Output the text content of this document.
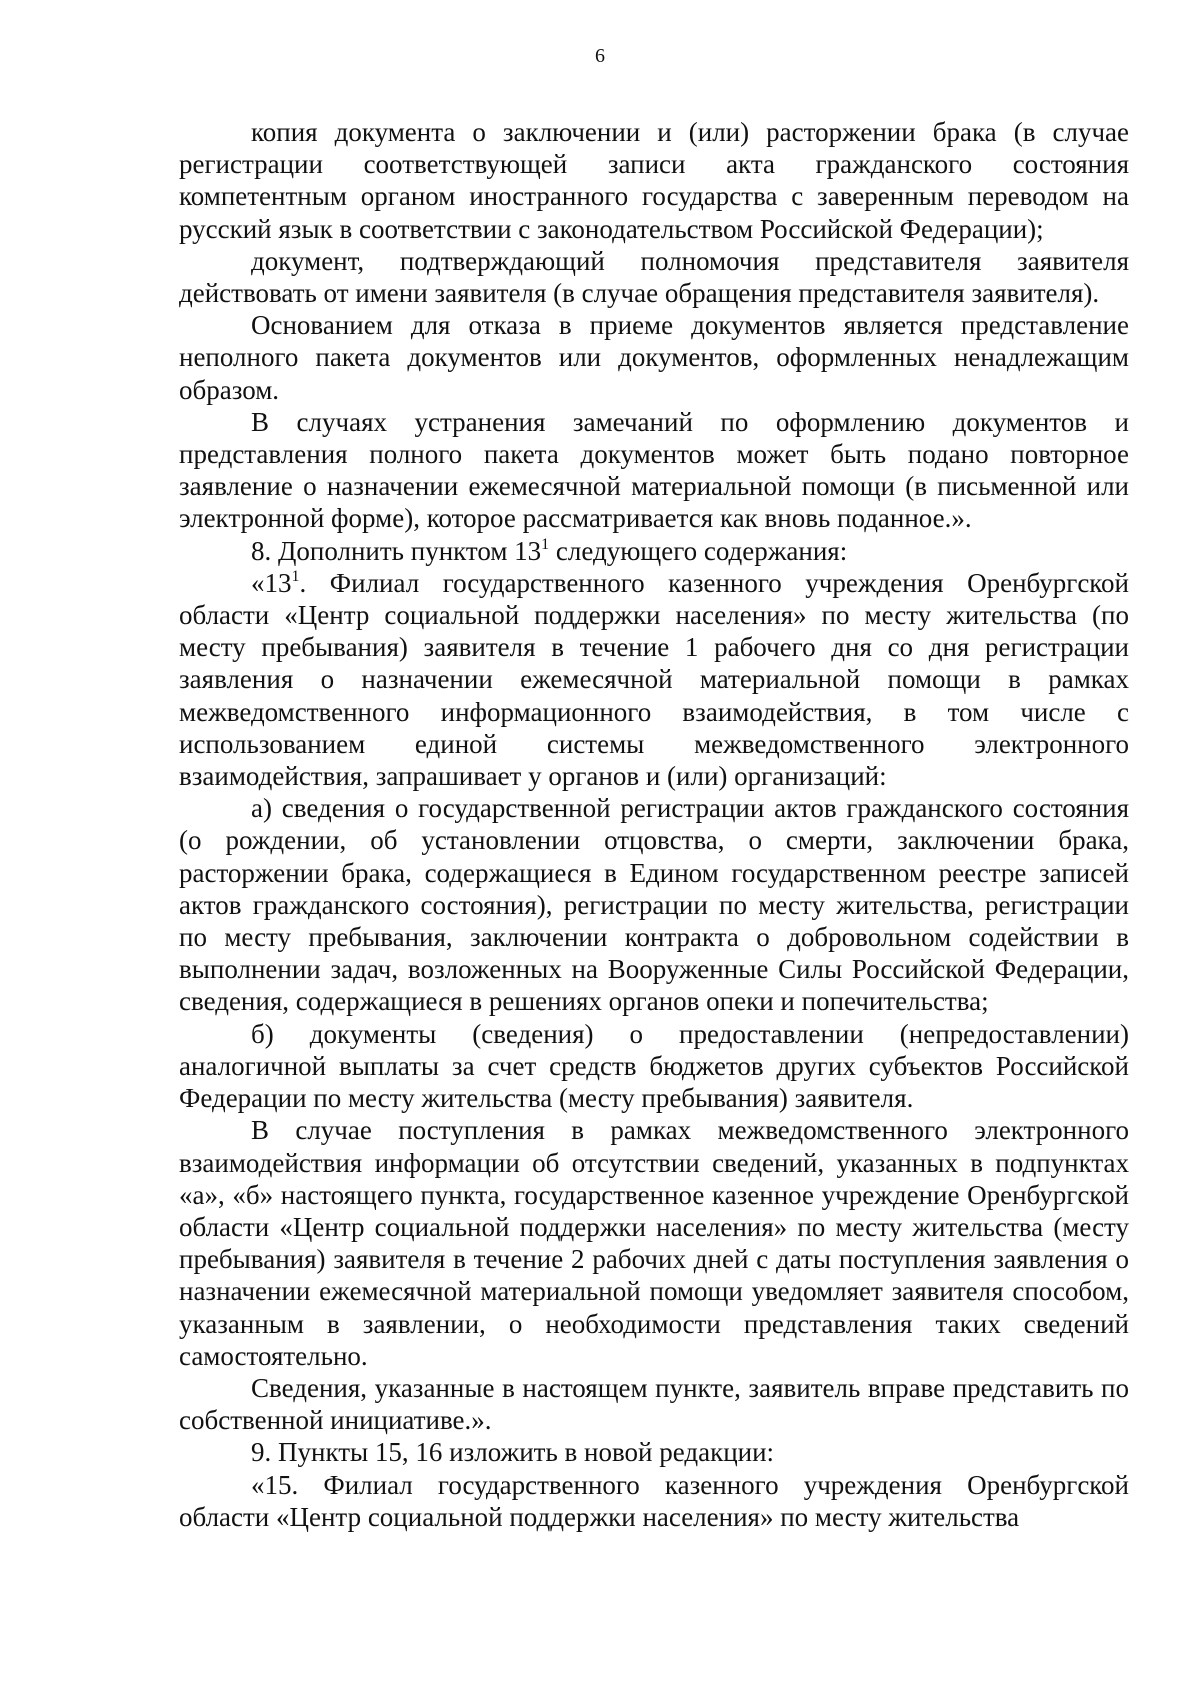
6

копия документа о заключении и (или) расторжении брака (в случае регистрации соответствующей записи акта гражданского состояния компетентным органом иностранного государства с заверенным переводом на русский язык в соответствии с законодательством Российской Федерации);

документ, подтверждающий полномочия представителя заявителя действовать от имени заявителя (в случае обращения представителя заявителя).

Основанием для отказа в приеме документов является представление неполного пакета документов или документов, оформленных ненадлежащим образом.

В случаях устранения замечаний по оформлению документов и представления полного пакета документов может быть подано повторное заявление о назначении ежемесячной материальной помощи (в письменной или электронной форме), которое рассматривается как вновь поданное.».

8. Дополнить пунктом $13^1$ следующего содержания:

«$13^1$. Филиал государственного казенного учреждения Оренбургской области «Центр социальной поддержки населения» по месту жительства (по месту пребывания) заявителя в течение 1 рабочего дня со дня регистрации заявления о назначении ежемесячной материальной помощи в рамках межведомственного информационного взаимодействия, в том числе с использованием единой системы межведомственного электронного взаимодействия, запрашивает у органов и (или) организаций:

а) сведения о государственной регистрации актов гражданского состояния (о рождении, об установлении отцовства, о смерти, заключении брака, расторжении брака, содержащиеся в Едином государственном реестре записей актов гражданского состояния), регистрации по месту жительства, регистрации по месту пребывания, заключении контракта о добровольном содействии в выполнении задач, возложенных на Вооруженные Силы Российской Федерации, сведения, содержащиеся в решениях органов опеки и попечительства;

б) документы (сведения) о предоставлении (непредоставлении) аналогичной выплаты за счет средств бюджетов других субъектов Российской Федерации по месту жительства (месту пребывания) заявителя.

В случае поступления в рамках межведомственного электронного взаимодействия информации об отсутствии сведений, указанных в подпунктах «а», «б» настоящего пункта, государственное казенное учреждение Оренбургской области «Центр социальной поддержки населения» по месту жительства (месту пребывания) заявителя в течение 2 рабочих дней с даты поступления заявления о назначении ежемесячной материальной помощи уведомляет заявителя способом, указанным в заявлении, о необходимости представления таких сведений самостоятельно.

Сведения, указанные в настоящем пункте, заявитель вправе представить по собственной инициативе.».

9. Пункты 15, 16 изложить в новой редакции:

«15. Филиал государственного казенного учреждения Оренбургской области «Центр социальной поддержки населения» по месту жительства
